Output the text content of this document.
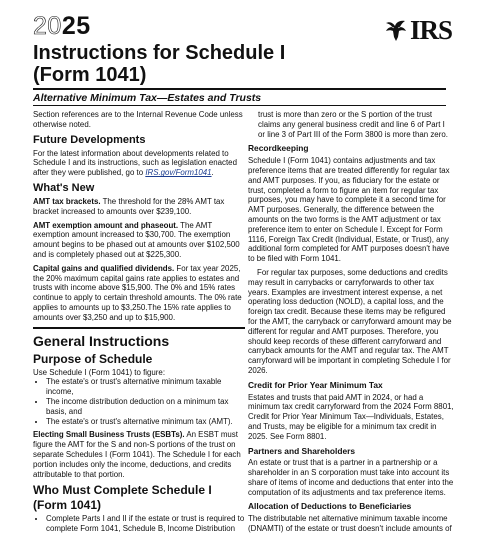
2025	IRS
Instructions for Schedule I
(Form 1041)
Alternative Minimum Tax—Estates and Trusts

Section references are to the Internal Revenue Code unless otherwise noted.

Future Developments

For the latest information about developments related to Schedule I and its instructions, such as legislation enacted after they were published, go to IRS.gov/Form1041.

What's New

AMT tax brackets. The threshold for the 28% AMT tax bracket increased to amounts over $239,100.

AMT exemption amount and phaseout. The AMT exemption amount increased to $30,700. The exemption amount begins to be phased out at amounts over $102,500 and is completely phased out at $225,300.

Capital gains and qualified dividends. For tax year 2025, the 20% maximum capital gains rate applies to estates and trusts with income above $15,900. The 0% and 15% rates continue to apply to certain threshold amounts. The 0% rate applies to amounts up to $3,250.The 15% rate applies to amounts over $3,250 and up to $15,900.

General Instructions
Purpose of Schedule
Use Schedule I (Form 1041) to figure:
• The estate's or trust's alternative minimum taxable income,
• The income distribution deduction on a minimum tax basis, and
• The estate's or trust's alternative minimum tax (AMT).

Electing Small Business Trusts (ESBTs). An ESBT must figure the AMT for the S and non-S portions of the trust on separate Schedules I (Form 1041). The Schedule I for each portion includes only the income, deductions, and credits attributable to that portion.

Who Must Complete Schedule I (Form 1041)
• Complete Parts I and II if the estate or trust is required to complete Form 1041, Schedule B, Income Distribution

trust is more than zero or the S portion of the trust claims any general business credit and line 6 of Part I or line 3 of Part III of the Form 3800 is more than zero.

Recordkeeping

Schedule I (Form 1041) contains adjustments and tax preference items that are treated differently for regular tax and AMT purposes. If you, as fiduciary for the estate or trust, completed a form to figure an item for regular tax purposes, you may have to complete it a second time for AMT purposes. Generally, the difference between the amounts on the two forms is the AMT adjustment or tax preference item to enter on Schedule I. Except for Form 1116, Foreign Tax Credit (Individual, Estate, or Trust), any additional form completed for AMT purposes doesn't have to be filed with Form 1041.

For regular tax purposes, some deductions and credits may result in carrybacks or carryforwards to other tax years. Examples are investment interest expense, a net operating loss deduction (NOLD), a capital loss, and the foreign tax credit. Because these items may be refigured for the AMT, the carryback or carryforward amount may be different for regular and AMT purposes. Therefore, you should keep records of these different carryforward and carryback amounts for the AMT and regular tax. The AMT carryforward will be important in completing Schedule I for 2026.

Credit for Prior Year Minimum Tax

Estates and trusts that paid AMT in 2024, or had a minimum tax credit carryforward from the 2024 Form 8801, Credit for Prior Year Minimum Tax—Individuals, Estates, and Trusts, may be eligible for a minimum tax credit in 2025. See Form 8801.

Partners and Shareholders

An estate or trust that is a partner in a partnership or a shareholder in an S corporation must take into account its share of items of income and deductions that enter into the computation of its adjustments and tax preference items.

Allocation of Deductions to Beneficiaries

The distributable net alternative minimum taxable income (DNAMTI) of the estate or trust doesn't include amounts of
